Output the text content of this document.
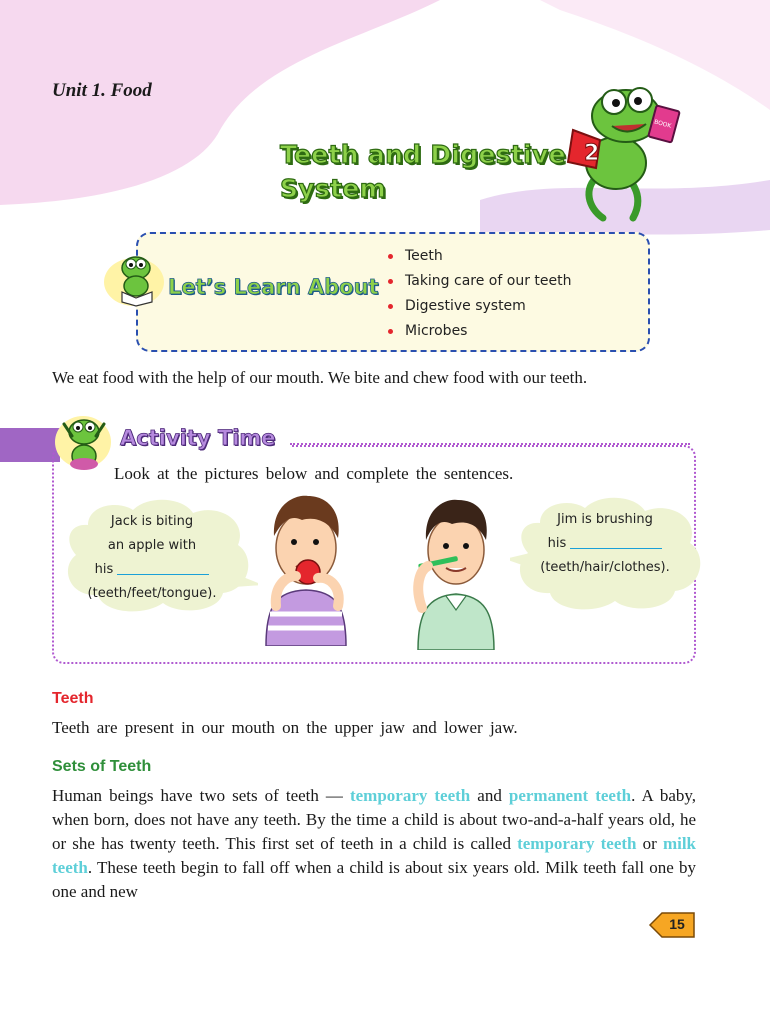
Unit 1. Food
Teeth and Digestive
System
2
BOOK
Let’s Learn About
Teeth
Taking care of our teeth
Digestive system
Microbes
We eat food with the help of our mouth. We bite and chew food with our teeth.
Activity Time
Look at the pictures below and complete the sentences.
Jack is biting
an apple with
his
(teeth/feet/tongue).
Jim is brushing
his
(teeth/hair/clothes).
Teeth
Teeth are present in our mouth on the upper jaw and lower jaw.
Sets of Teeth
Human beings have two sets of teeth — temporary teeth and permanent teeth. A baby, when born, does not have any teeth. By the time a child is about two-and-a-half years old, he or she has twenty teeth. This first set of teeth in a child is called temporary teeth or milk teeth. These teeth begin to fall off when a child is about six years old. Milk teeth fall one by one and new
15
